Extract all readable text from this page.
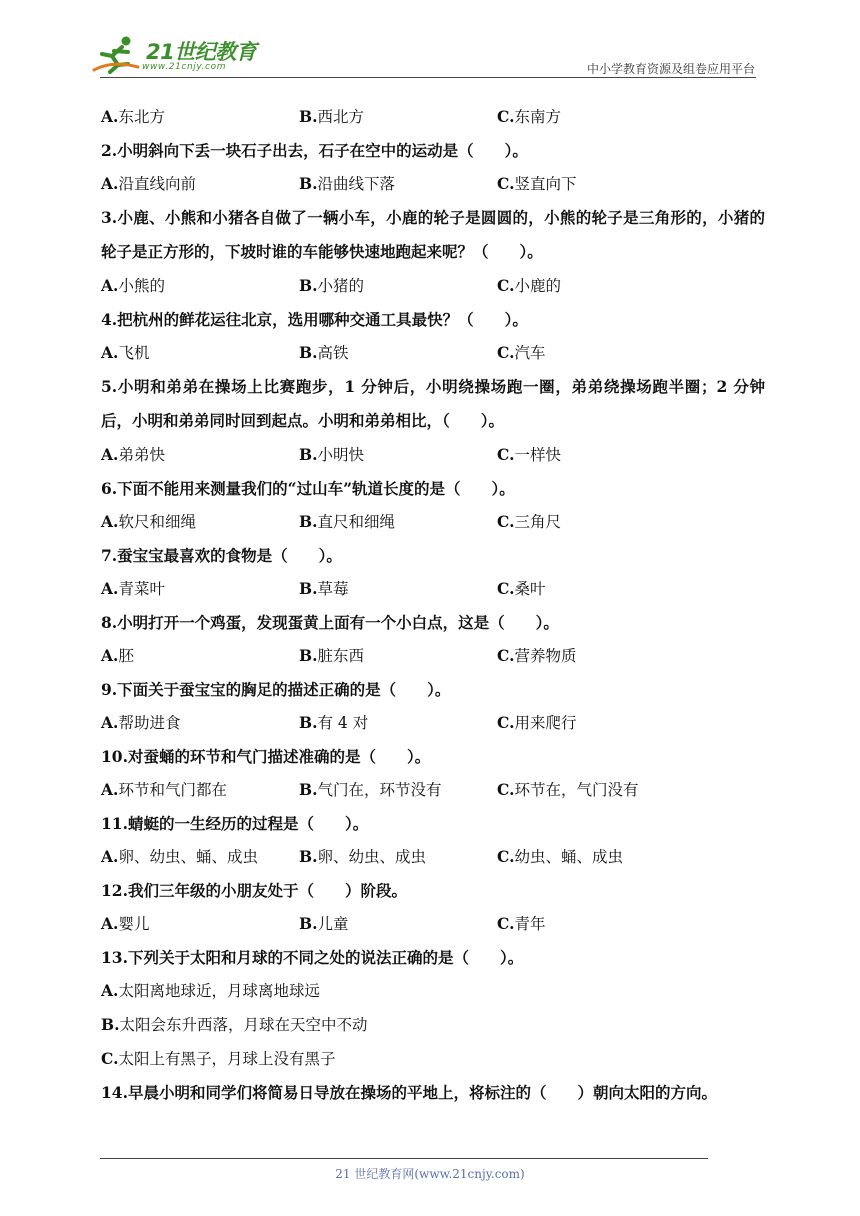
21世纪教育
www.21cnjy.com	中小学教育资源及组卷应用平台
A.东北方	B.西北方	C.东南方

2.小明斜向下丢一块石子出去，石子在空中的运动是（　　）。

A.沿直线向前	B.沿曲线下落	C.竖直向下

3.小鹿、小熊和小猪各自做了一辆小车，小鹿的轮子是圆圆的，小熊的轮子是三角形的，小猪的轮子是正方形的，下坡时谁的车能够快速地跑起来呢？（　　）。

A.小熊的	B.小猪的	C.小鹿的

4.把杭州的鲜花运往北京，选用哪种交通工具最快？（　　）。

A.飞机	B.高铁	C.汽车

5.小明和弟弟在操场上比赛跑步，1 分钟后，小明绕操场跑一圈，弟弟绕操场跑半圈；2 分钟后，小明和弟弟同时回到起点。小明和弟弟相比，（　　）。

A.弟弟快	B.小明快	C.一样快

6.下面不能用来测量我们的“过山车”轨道长度的是（　　）。

A.软尺和细绳	B.直尺和细绳	C.三角尺

7.蚕宝宝最喜欢的食物是（　　）。

A.青菜叶	B.草莓	C.桑叶

8.小明打开一个鸡蛋，发现蛋黄上面有一个小白点，这是（　　）。

A.胚	B.脏东西	C.营养物质

9.下面关于蚕宝宝的胸足的描述正确的是（　　）。

A.帮助进食	B.有 4 对	C.用来爬行

10.对蚕蛹的环节和气门描述准确的是（　　）。

A.环节和气门都在	B.气门在，环节没有	C.环节在，气门没有

11.蜻蜓的一生经历的过程是（　　）。

A.卵、幼虫、蛹、成虫	B.卵、幼虫、成虫	C.幼虫、蛹、成虫

12.我们三年级的小朋友处于（　　）阶段。

A.婴儿	B.儿童	C.青年

13.下列关于太阳和月球的不同之处的说法正确的是（　　）。

A.太阳离地球近，月球离地球远
B.太阳会东升西落，月球在天空中不动
C.太阳上有黑子，月球上没有黑子

14.早晨小明和同学们将简易日导放在操场的平地上，将标注的（　　）朝向太阳的方向。

21 世纪教育网(www.21cnjy.com)
